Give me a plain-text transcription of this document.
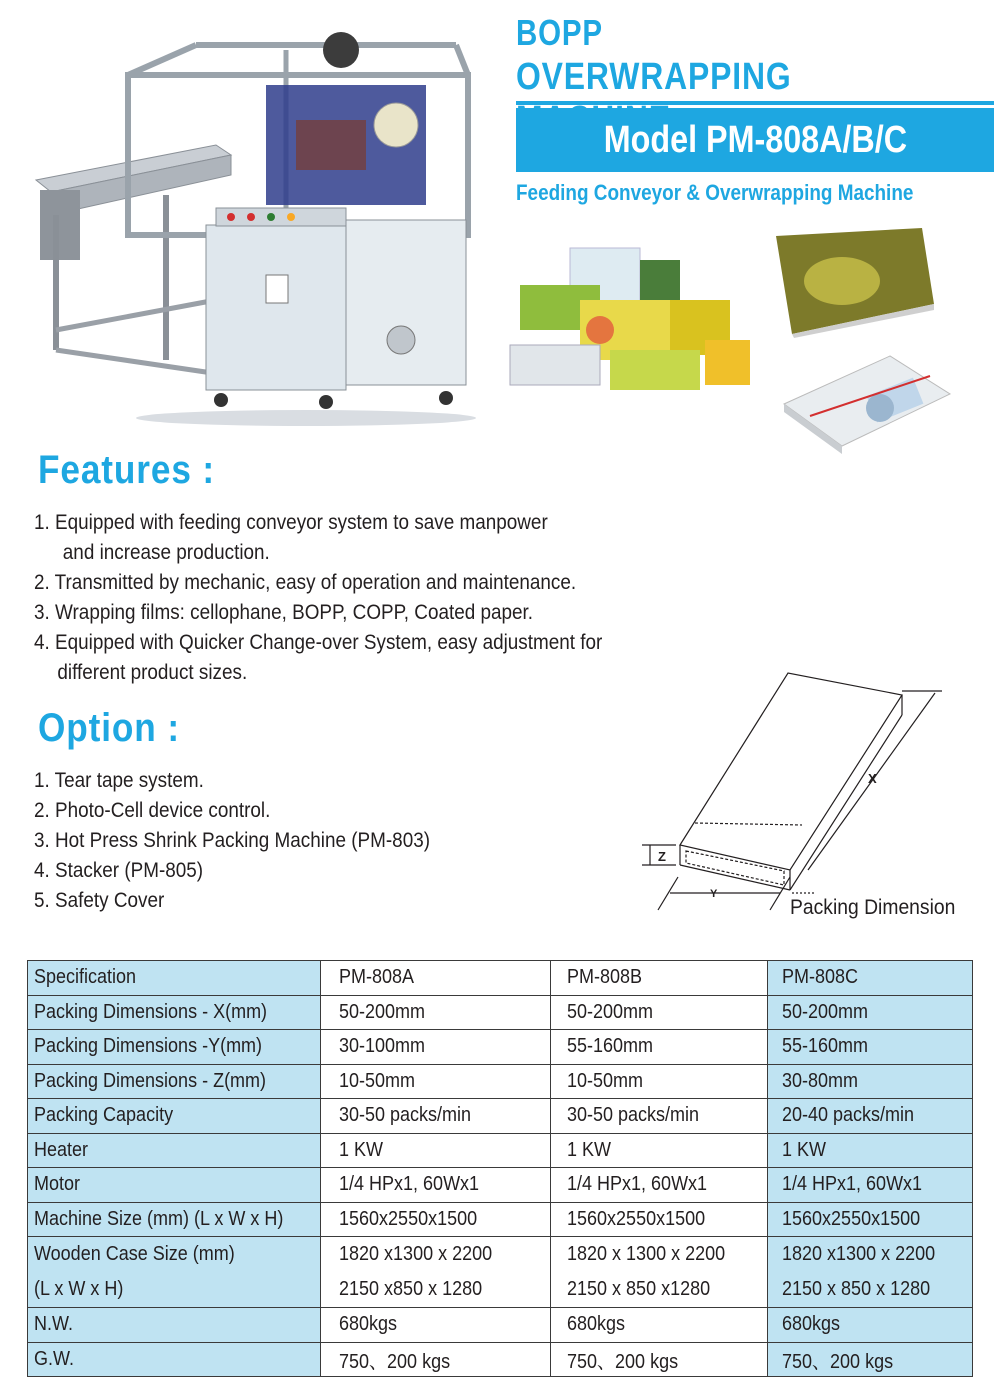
BOPP
OVERWRAPPING
Model PM-808A/B/C
Feeding Conveyor & Overwrapping Machine
Features :
1. Equipped with feeding conveyor system to save manpower
and increase production.
2. Transmitted by mechanic, easy of operation and maintenance.
3. Wrapping films: cellophane, BOPP, COPP, Coated paper.
4. Equipped with Quicker Change-over System, easy adjustment for
different product sizes.
Option :
1. Tear tape system.
2. Photo-Cell device control.
3. Hot Press Shrink Packing Machine (PM-803)
4. Stacker (PM-805)
5. Safety Cover
X
Y
Z
Packing Dimension
Specification	PM-808A	PM-808B	PM-808C
Packing Dimensions - X(mm)	50-200mm	50-200mm	50-200mm
Packing Dimensions -Y(mm)	30-100mm	55-160mm	55-160mm
Packing Dimensions - Z(mm)	10-50mm	10-50mm	30-80mm
Packing Capacity	30-50 packs/min	30-50 packs/min	20-40 packs/min
Heater	1 KW	1 KW	1 KW
Motor	1/4 HPx1, 60Wx1	1/4 HPx1, 60Wx1	1/4 HPx1, 60Wx1
Machine Size (mm) (L x W x H)	1560x2550x1500	1560x2550x1500	1560x2550x1500

Wooden Case Size (mm)
(L x W x H)	1820 x1300 x 2200
2150 x850 x 1280	1820 x 1300 x 2200
2150 x 850 x1280	1820 x1300 x 2200
2150 x 850 x 1280

N.W.	680kgs	680kgs	680kgs
G.W.	750、200 kgs	750、200 kgs	750、200 kgs
